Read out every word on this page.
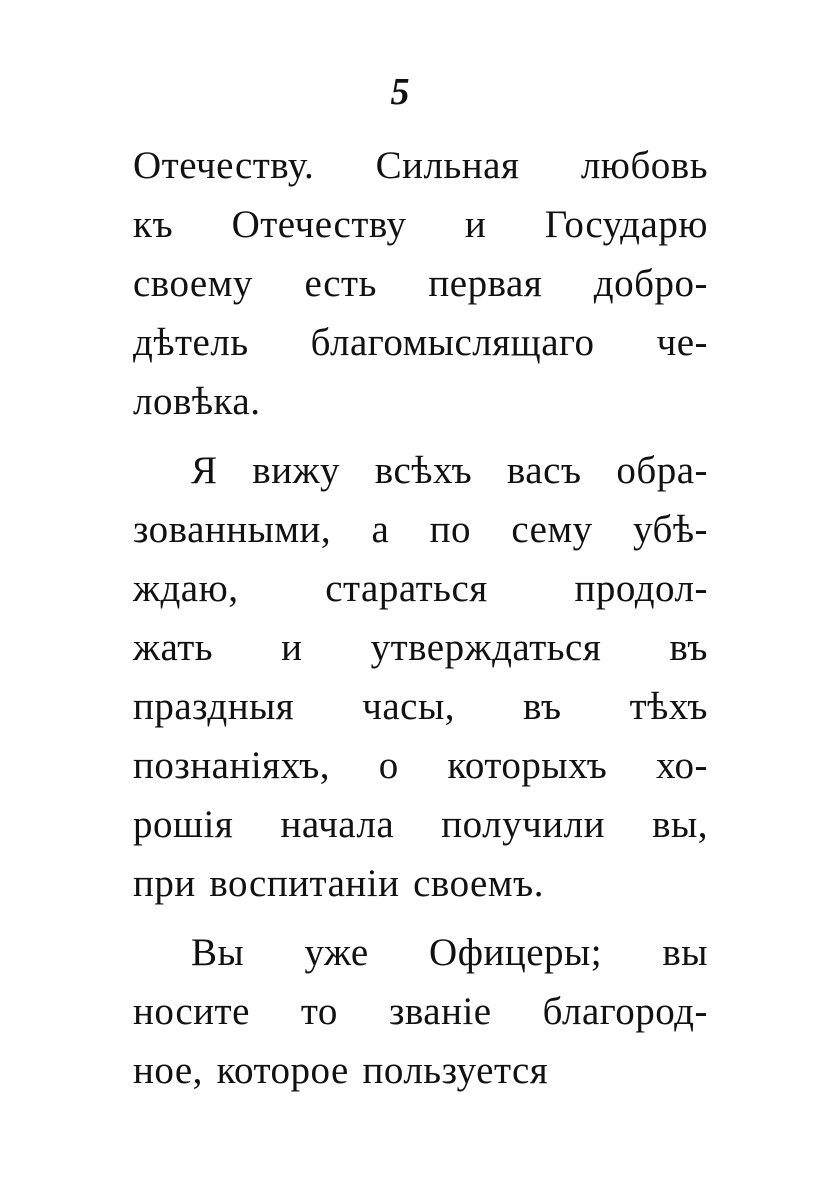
5
Отечеству. Сильная любовь
къ Отечеству и Государю
своему есть первая добро-
дѣтель благомыслящаго че-
ловѣка.
Я вижу всѣхъ васъ обра-
зованными, а по сему убѣ-
ждаю, стараться продол-
жать и утверждаться въ
праздныя часы, въ тѣхъ
познаніяхъ, о которыхъ хо-
рошія начала получили вы,
при воспитаніи своемъ.
Вы уже Офицеры; вы
носите то званіе благород-
ное, которое пользуется
